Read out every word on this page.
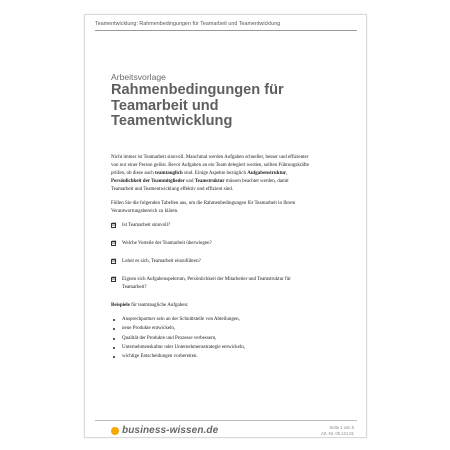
Teamentwicklung: Rahmenbedingungen für Teamarbeit und Teamentwicklung
Arbeitsvorlage
Rahmenbedingungen für Teamarbeit und Teamentwicklung

Nicht immer ist Teamarbeit sinnvoll. Manchmal werden Aufgaben schneller, besser und effizienter von nur einer Person gelöst. Bevor Aufgaben an ein Team delegiert werden, sollten Führungskräfte prüfen, ob diese auch teamtauglich sind. Einige Aspekte bezüglich Aufgabenstruktur, Persönlichkeit der Teammitglieder und Teamstruktur müssen beachtet werden, damit Teamarbeit und Teamentwicklung effektiv und effizient sind.

Füllen Sie die folgenden Tabellen aus, um die Rahmenbedingungen für Teamarbeit in Ihrem Verantwortungsbereich zu klären.

☑ Ist Teamarbeit sinnvoll?
☑ Welche Vorteile der Teamarbeit überwiegen?
☑ Lohnt es sich, Teamarbeit einzuführen?
☑ Eignen sich Aufgabenspektrum, Persönlichkeit der Mitarbeiter und Teamstruktur für Teamarbeit?

Beispiele für teamtaugliche Aufgaben:

Ansprechpartner sein an der Schnittstelle von Abteilungen,
neue Produkte entwickeln,
Qualität der Produkte und Prozesse verbessern,
Unternehmenskultur oder Unternehmensstrategie entwickeln,
wichtige Entscheidungen vorbereiten.
business-wissen.de	Seite 1 von 5
Art.-Nr. 06.121.01
